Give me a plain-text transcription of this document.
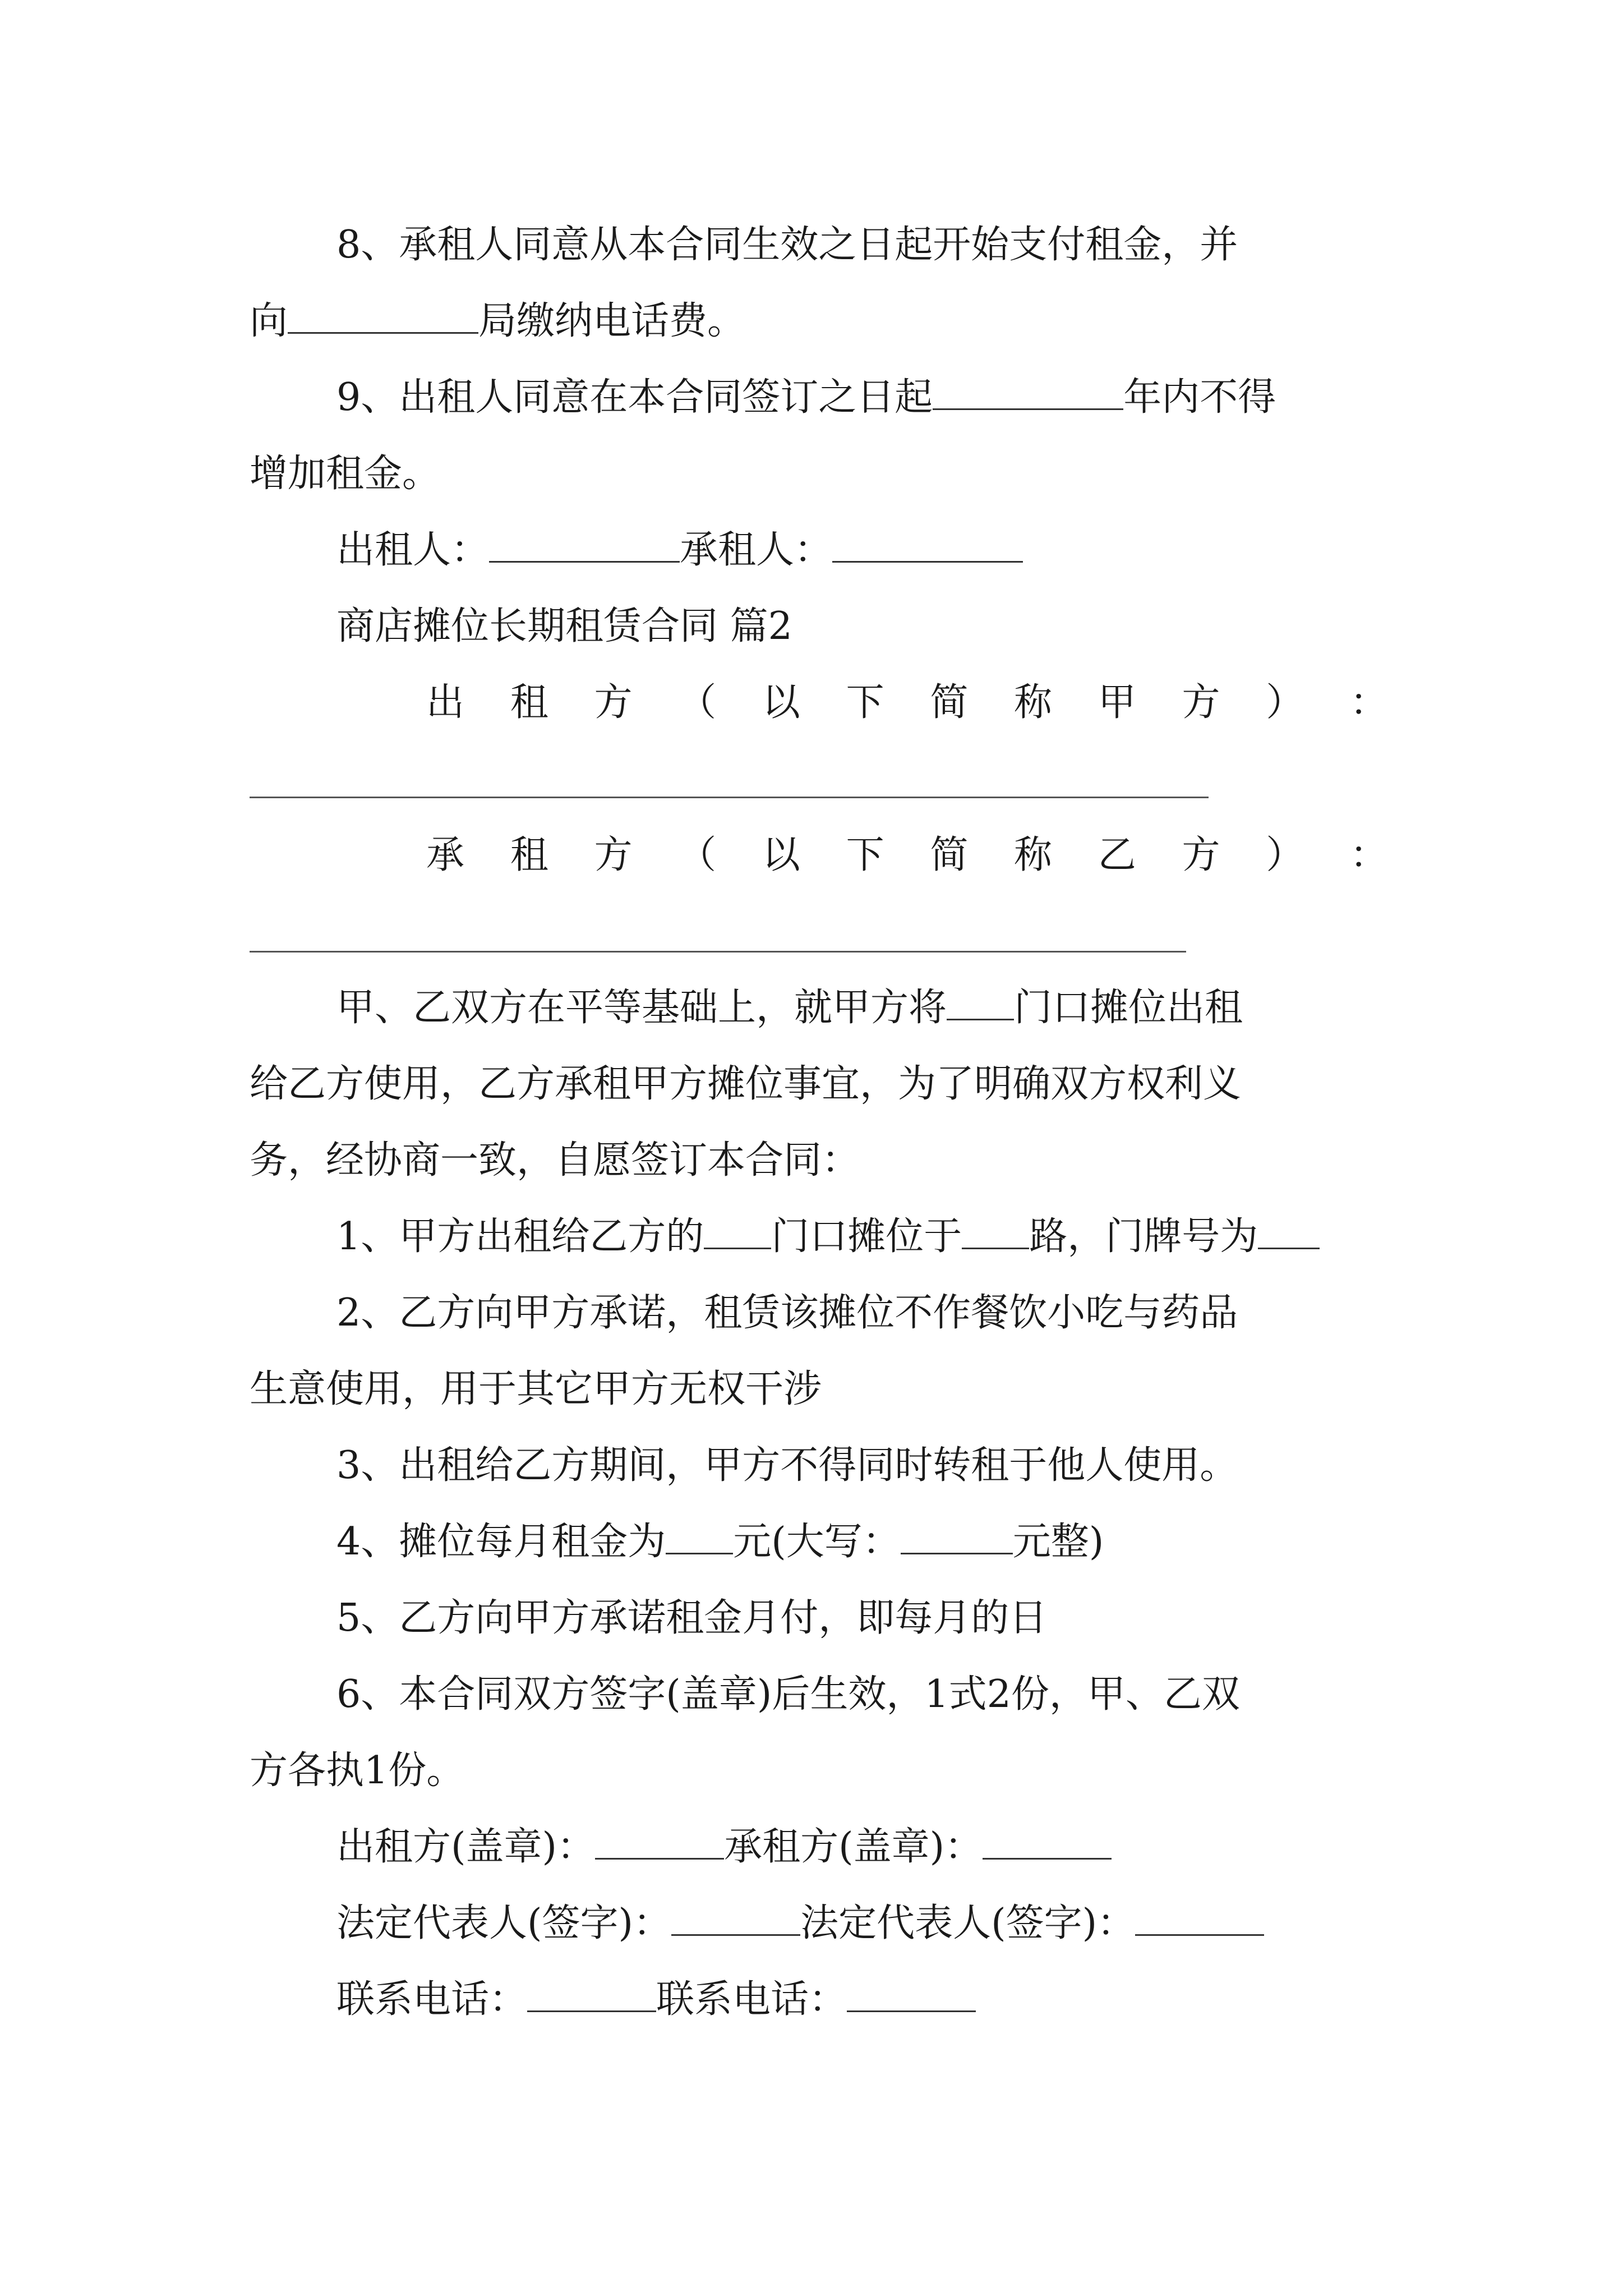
8、承租人同意从本合同生效之日起开始支付租金，并
向	局缴纳电话费。
9、出租人同意在本合同签订之日起	年内不得
增加租金。
出租人：	承租人：
商店摊位长期租赁合同 篇2
出 租 方 （ 以 下 简 称 甲 方 ） ：
承 租 方 （ 以 下 简 称 乙 方 ） ：
甲、乙双方在平等基础上，就甲方将 门口摊位出租
给乙方使用，乙方承租甲方摊位事宜，为了明确双方权利义
务，经协商一致，自愿签订本合同：
1、甲方出租给乙方的 门口摊位于 路，门牌号为
2、乙方向甲方承诺，租赁该摊位不作餐饮小吃与药品
生意使用，用于其它甲方无权干涉
3、出租给乙方期间，甲方不得同时转租于他人使用。
4、摊位每月租金为 元(大写：	元整)
5、乙方向甲方承诺租金月付，即每月的日
6、本合同双方签字(盖章)后生效，1式2份，甲、乙双
方各执1份。
出租方(盖章)：	承租方(盖章)：
法定代表人(签字)：	法定代表人(签字)：
联系电话：	联系电话：
